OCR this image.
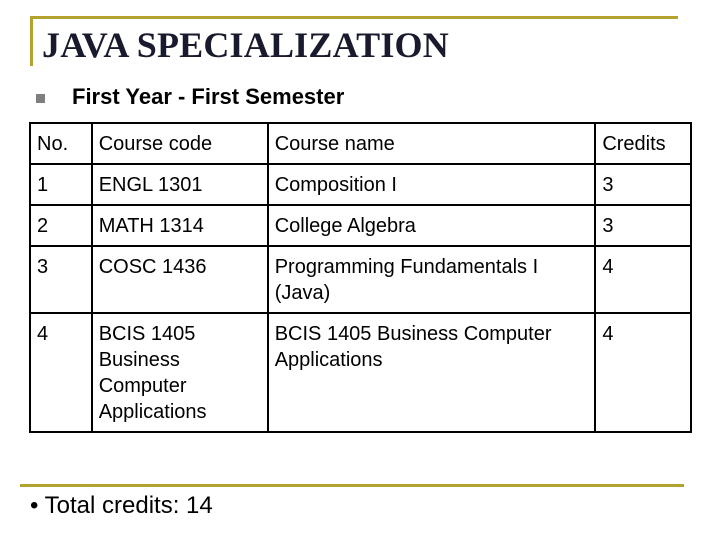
JAVA SPECIALIZATION
First Year - First Semester
No.	Course code	Course name	Credits
1	ENGL 1301	Composition I	3
2	MATH 1314	College Algebra	3
3	COSC 1436	Programming Fundamentals I (Java)	4
4	BCIS 1405 Business Computer Applications	BCIS 1405 Business Computer Applications	4
• Total credits: 14
